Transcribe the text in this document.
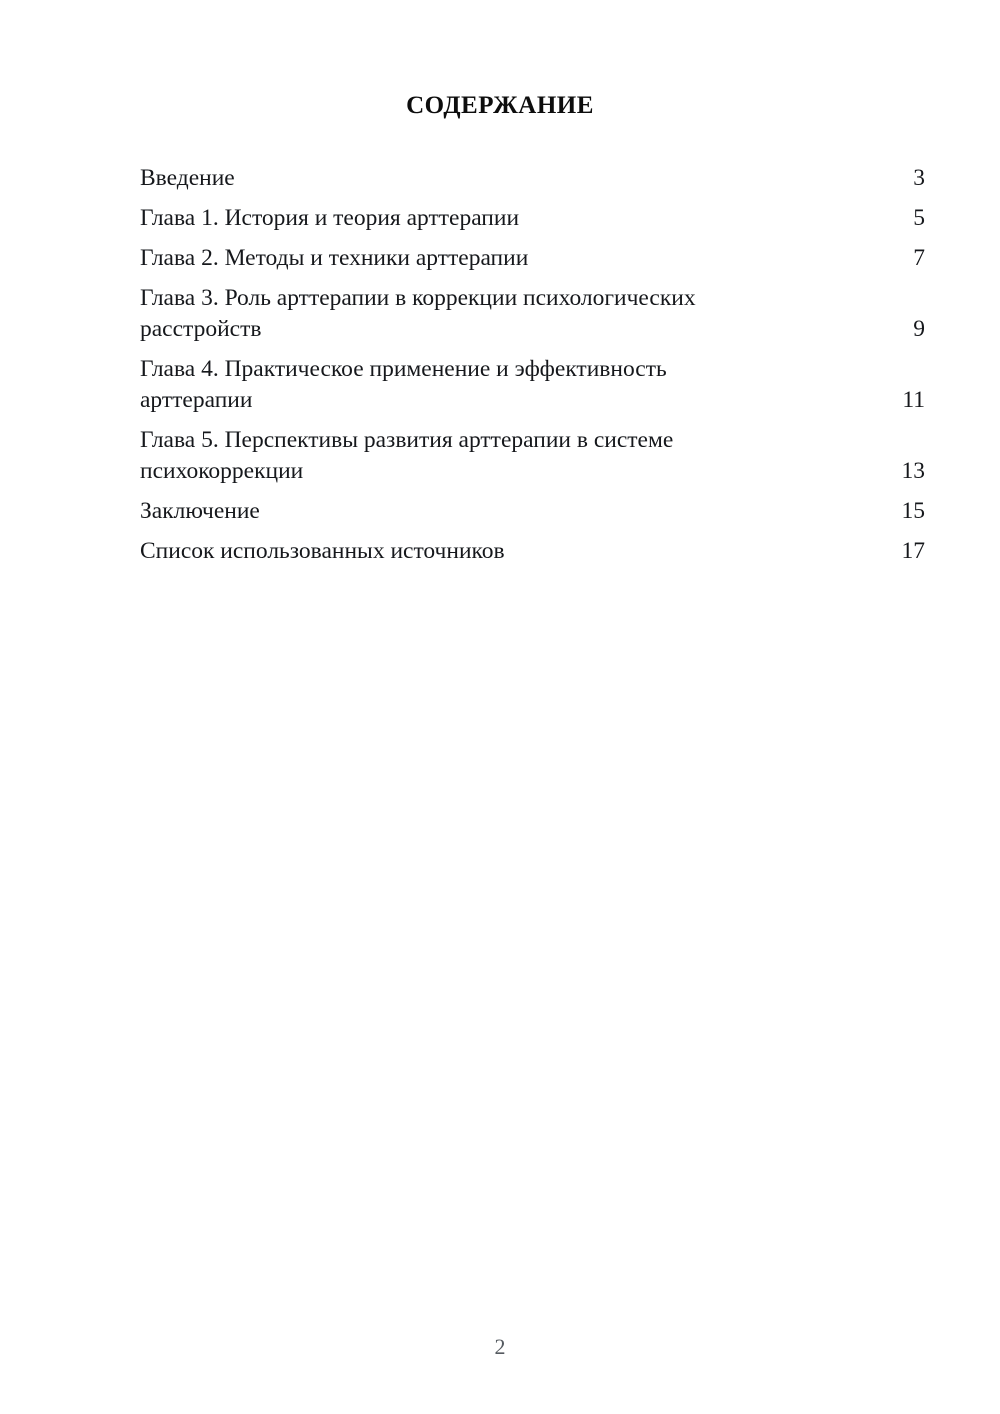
СОДЕРЖАНИЕ
Введение	3
Глава 1. История и теория арттерапии	5
Глава 2. Методы и техники арттерапии	7
Глава 3. Роль арттерапии в коррекции психологических расстройств	9
Глава 4. Практическое применение и эффективность арттерапии	11
Глава 5. Перспективы развития арттерапии в системе психокоррекции	13
Заключение	15
Список использованных источников	17
2
